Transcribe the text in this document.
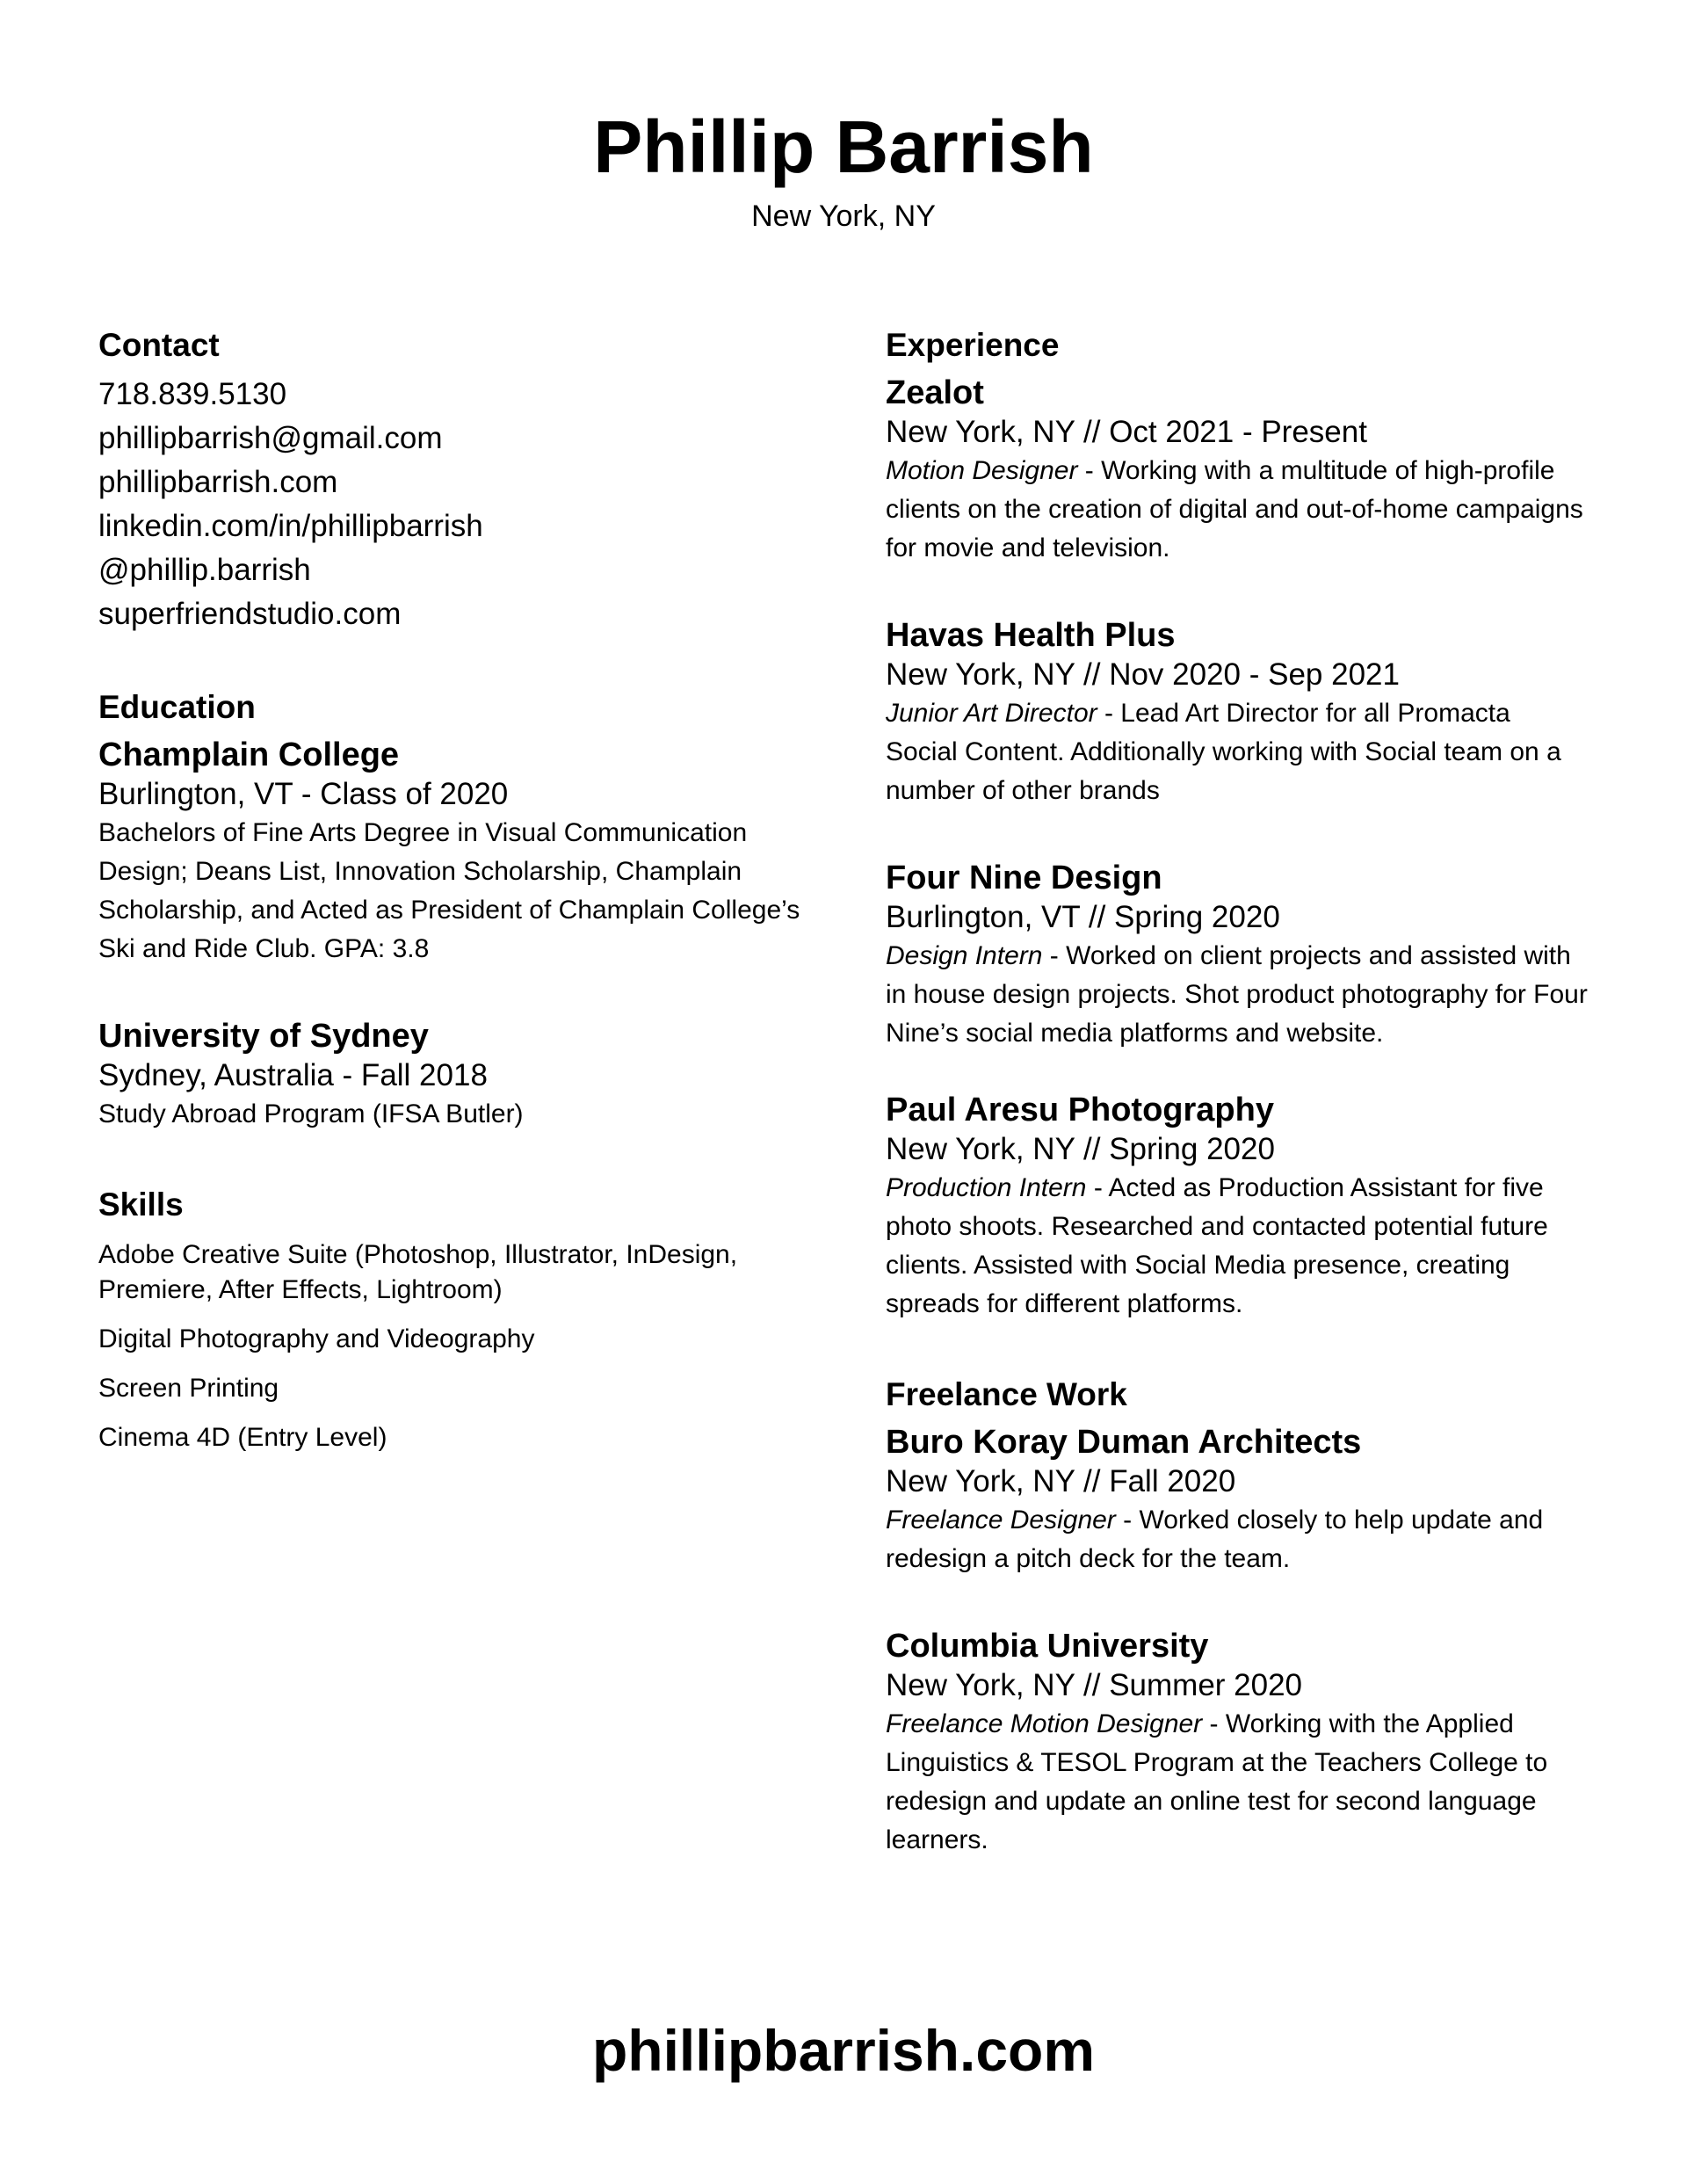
Phillip Barrish
New York, NY
Contact
718.839.5130
phillipbarrish@gmail.com
phillipbarrish.com
linkedin.com/in/phillipbarrish
@phillip.barrish
superfriendstudio.com
Education
Champlain College
Burlington, VT - Class of 2020
Bachelors of Fine Arts Degree in Visual Communication Design; Deans List, Innovation Scholarship, Champlain Scholarship, and Acted as President of Champlain College’s Ski and Ride Club. GPA: 3.8
University of Sydney
Sydney, Australia - Fall 2018
Study Abroad Program (IFSA Butler)
Skills
Adobe Creative Suite (Photoshop, Illustrator, InDesign, Premiere, After Effects, Lightroom)
Digital Photography and Videography
Screen Printing
Cinema 4D (Entry Level)
Experience
Zealot
New York, NY // Oct 2021 - Present
Motion Designer - Working with a multitude of high-profile clients on the creation of digital and out-of-home campaigns for movie and television.
Havas Health Plus
New York, NY // Nov 2020 - Sep 2021
Junior Art Director - Lead Art Director for all Promacta Social Content. Additionally working with Social team on a number of other brands
Four Nine Design
Burlington, VT // Spring 2020
Design Intern - Worked on client projects and assisted with in house design projects. Shot product photography for Four Nine’s social media platforms and website.
Paul Aresu Photography
New York, NY // Spring 2020
Production Intern - Acted as Production Assistant for five photo shoots. Researched and contacted potential future clients. Assisted with Social Media presence, creating spreads for different platforms.
Freelance Work
Buro Koray Duman Architects
New York, NY // Fall 2020
Freelance Designer - Worked closely to help update and redesign a pitch deck for the team.
Columbia University
New York, NY // Summer 2020
Freelance Motion Designer - Working with the Applied Linguistics & TESOL Program at the Teachers College to redesign and update an online test for second language learners.
phillipbarrish.com
